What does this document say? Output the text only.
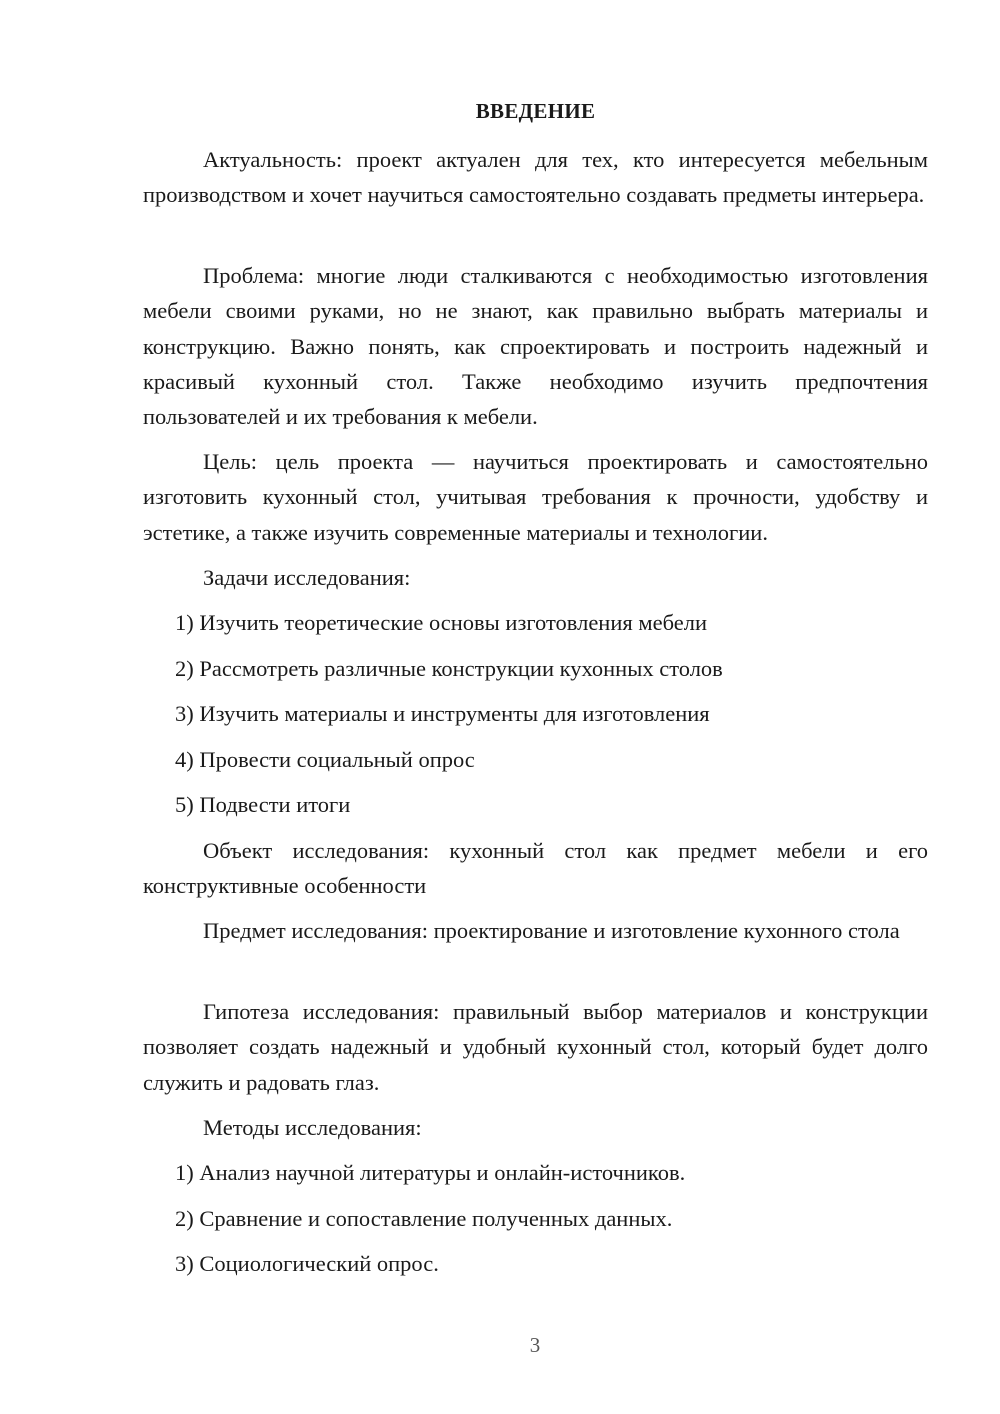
ВВЕДЕНИЕ

Актуальность: проект актуален для тех, кто интересуется мебельным производством и хочет научиться самостоятельно создавать предметы интерьера.

Проблема: многие люди сталкиваются с необходимостью изготовления мебели своими руками, но не знают, как правильно выбрать материалы и конструкцию. Важно понять, как спроектировать и построить надежный и красивый кухонный стол. Также необходимо изучить предпочтения пользователей и их требования к мебели.

Цель: цель проекта — научиться проектировать и самостоятельно изготовить кухонный стол, учитывая требования к прочности, удобству и эстетике, а также изучить современные материалы и технологии.

Задачи исследования:

1) Изучить теоретические основы изготовления мебели

2) Рассмотреть различные конструкции кухонных столов

3) Изучить материалы и инструменты для изготовления

4) Провести социальный опрос

5) Подвести итоги

Объект исследования: кухонный стол как предмет мебели и его конструктивные особенности

Предмет исследования: проектирование и изготовление кухонного стола

Гипотеза исследования: правильный выбор материалов и конструкции позволяет создать надежный и удобный кухонный стол, который будет долго служить и радовать глаз.

Методы исследования:

1) Анализ научной литературы и онлайн-источников.

2) Сравнение и сопоставление полученных данных.

3) Социологический опрос.

3
